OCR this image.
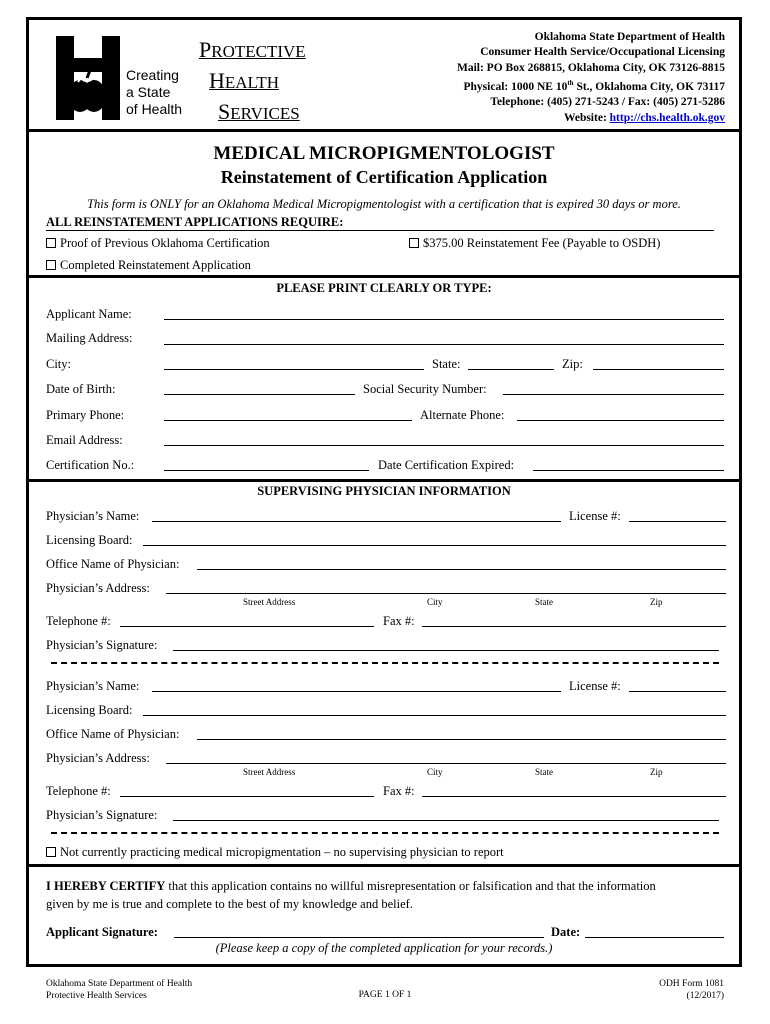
Creating
a State
of Health
PROTECTIVE
HEALTH
SERVICES
Oklahoma State Department of Health
Consumer Health Service/Occupational Licensing
Mail: PO Box 268815, Oklahoma City, OK 73126-8815
Physical: 1000 NE 10th St., Oklahoma City, OK 73117
Telephone: (405) 271-5243 / Fax: (405) 271-5286
Website: http://chs.health.ok.gov
MEDICAL MICROPIGMENTOLOGIST
Reinstatement of Certification Application
This form is ONLY for an Oklahoma Medical Micropigmentologist with a certification that is expired 30 days or more.
ALL REINSTATEMENT APPLICATIONS REQUIRE:
Proof of Previous Oklahoma Certification	$375.00 Reinstatement Fee (Payable to OSDH)
Completed Reinstatement Application
PLEASE PRINT CLEARLY OR TYPE:
Applicant Name:
Mailing Address:
City:	State:	Zip:
Date of Birth:	Social Security Number:
Primary Phone:	Alternate Phone:
Email Address:
Certification No.:	Date Certification Expired:
SUPERVISING PHYSICIAN INFORMATION
Physician’s Name:	License #:
Licensing Board:
Office Name of Physician:
Physician’s Address:
Street Address	City	State	Zip
Telephone #:	Fax #:
Physician’s Signature:
Physician’s Name:	License #:
Licensing Board:
Office Name of Physician:
Physician’s Address:
Street Address	City	State	Zip
Telephone #:	Fax #:
Physician’s Signature:
Not currently practicing medical micropigmentation – no supervising physician to report
I HEREBY CERTIFY that this application contains no willful misrepresentation or falsification and that the information
given by me is true and complete to the best of my knowledge and belief.
Applicant Signature:	Date:
(Please keep a copy of the completed application for your records.)
Oklahoma State Department of Health
Protective Health Services	PAGE 1 OF 1
ODH Form 1081
(12/2017)
